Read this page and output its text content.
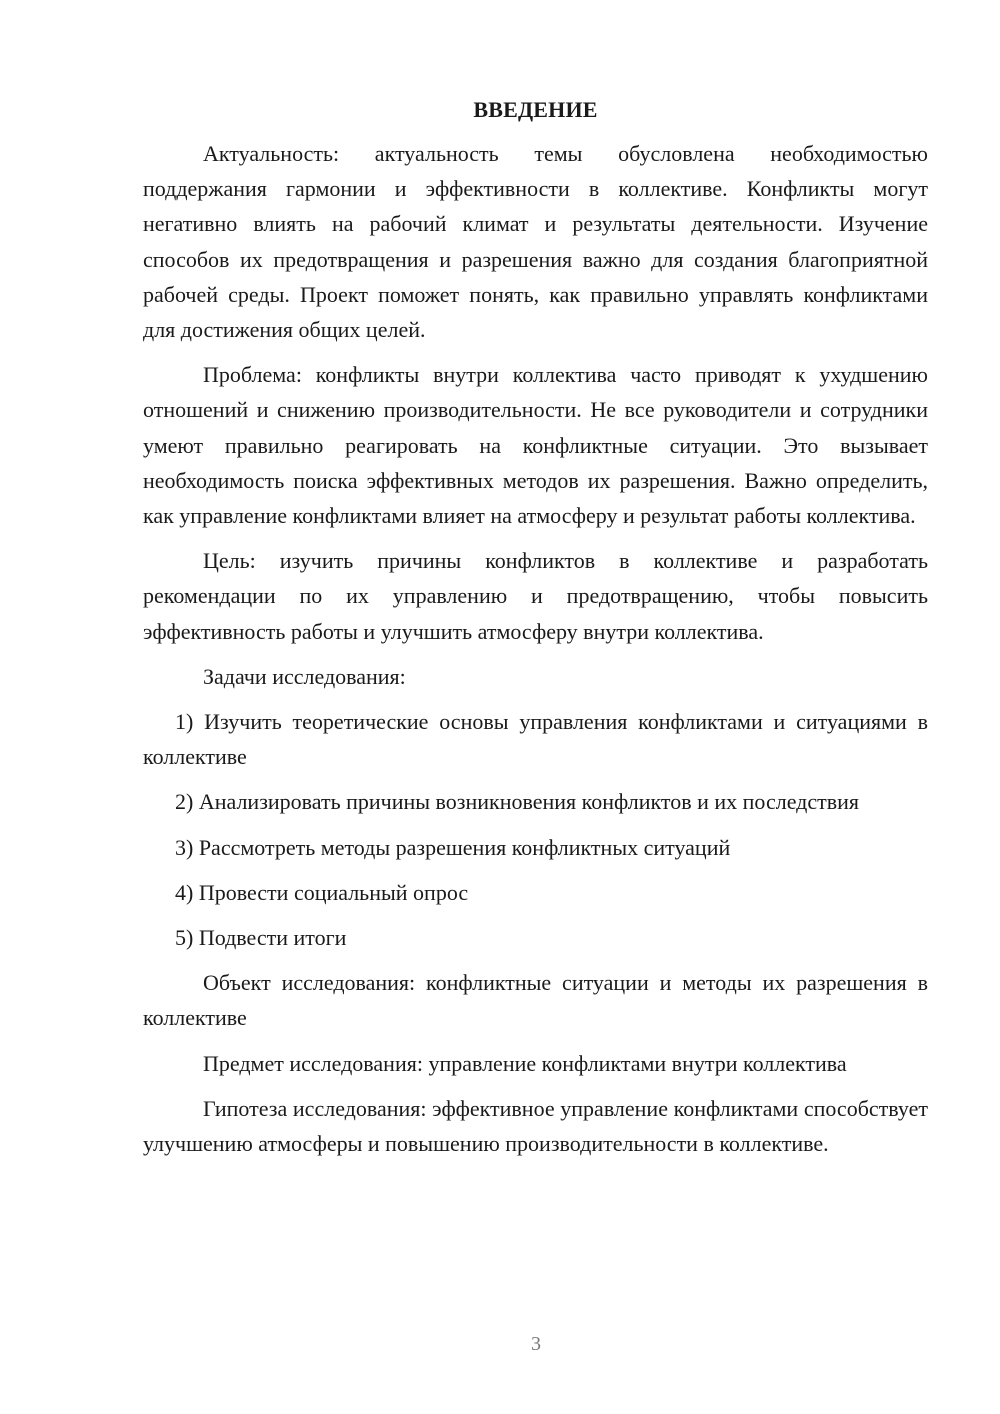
ВВЕДЕНИЕ

Актуальность: актуальность темы обусловлена необходимостью поддержания гармонии и эффективности в коллективе. Конфликты могут негативно влиять на рабочий климат и результаты деятельности. Изучение способов их предотвращения и разрешения важно для создания благоприятной рабочей среды. Проект поможет понять, как правильно управлять конфликтами для достижения общих целей.

Проблема: конфликты внутри коллектива часто приводят к ухудшению отношений и снижению производительности. Не все руководители и сотрудники умеют правильно реагировать на конфликтные ситуации. Это вызывает необходимость поиска эффективных методов их разрешения. Важно определить, как управление конфликтами влияет на атмосферу и результат работы коллектива.

Цель: изучить причины конфликтов в коллективе и разработать рекомендации по их управлению и предотвращению, чтобы повысить эффективность работы и улучшить атмосферу внутри коллектива.

Задачи исследования:

1) Изучить теоретические основы управления конфликтами и ситуациями в коллективе

2) Анализировать причины возникновения конфликтов и их последствия

3) Рассмотреть методы разрешения конфликтных ситуаций

4) Провести социальный опрос

5) Подвести итоги

Объект исследования: конфликтные ситуации и методы их разрешения в коллективе

Предмет исследования: управление конфликтами внутри коллектива

Гипотеза исследования: эффективное управление конфликтами способствует улучшению атмосферы и повышению производительности в коллективе.

3
